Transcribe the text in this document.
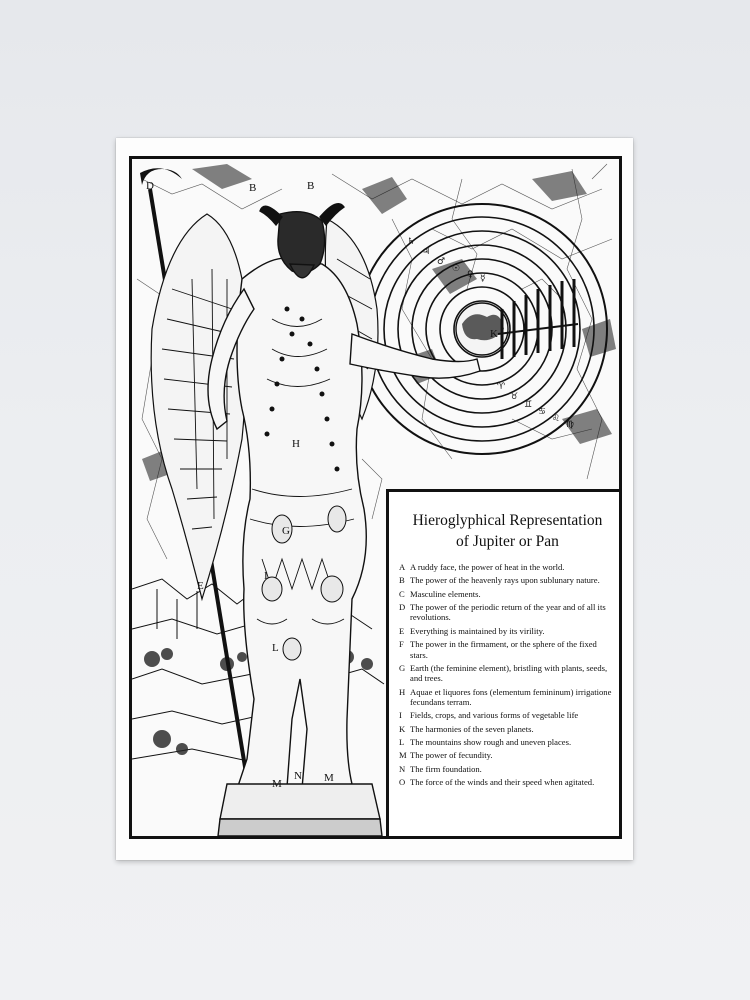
♄
♃
♂
☉
♀ ☿
♈
♉
♊
♋
♌
♍
D	B	B
K
H
G
I
L
E
N
M	M
Hieroglyphical Representation
of Jupiter or Pan
A A ruddy face, the power of heat in the world.
B The power of the heavenly rays upon sublunary nature.
C Masculine elements.
D The power of the periodic return of the year and of all its revolutions.
E Everything is maintained by its virility.
F The power in the firmament, or the sphere of the fixed stars.
G Earth (the feminine element), bristling with plants, seeds, and trees.
H Aquae et liquores fons (elementum femininum) irrigatione fecundans terram.
I Fields, crops, and various forms of vegetable life
K The harmonies of the seven planets.
L The mountains show rough and uneven places.
M The power of fecundity.
N The firm foundation.
O The force of the winds and their speed when agitated.
